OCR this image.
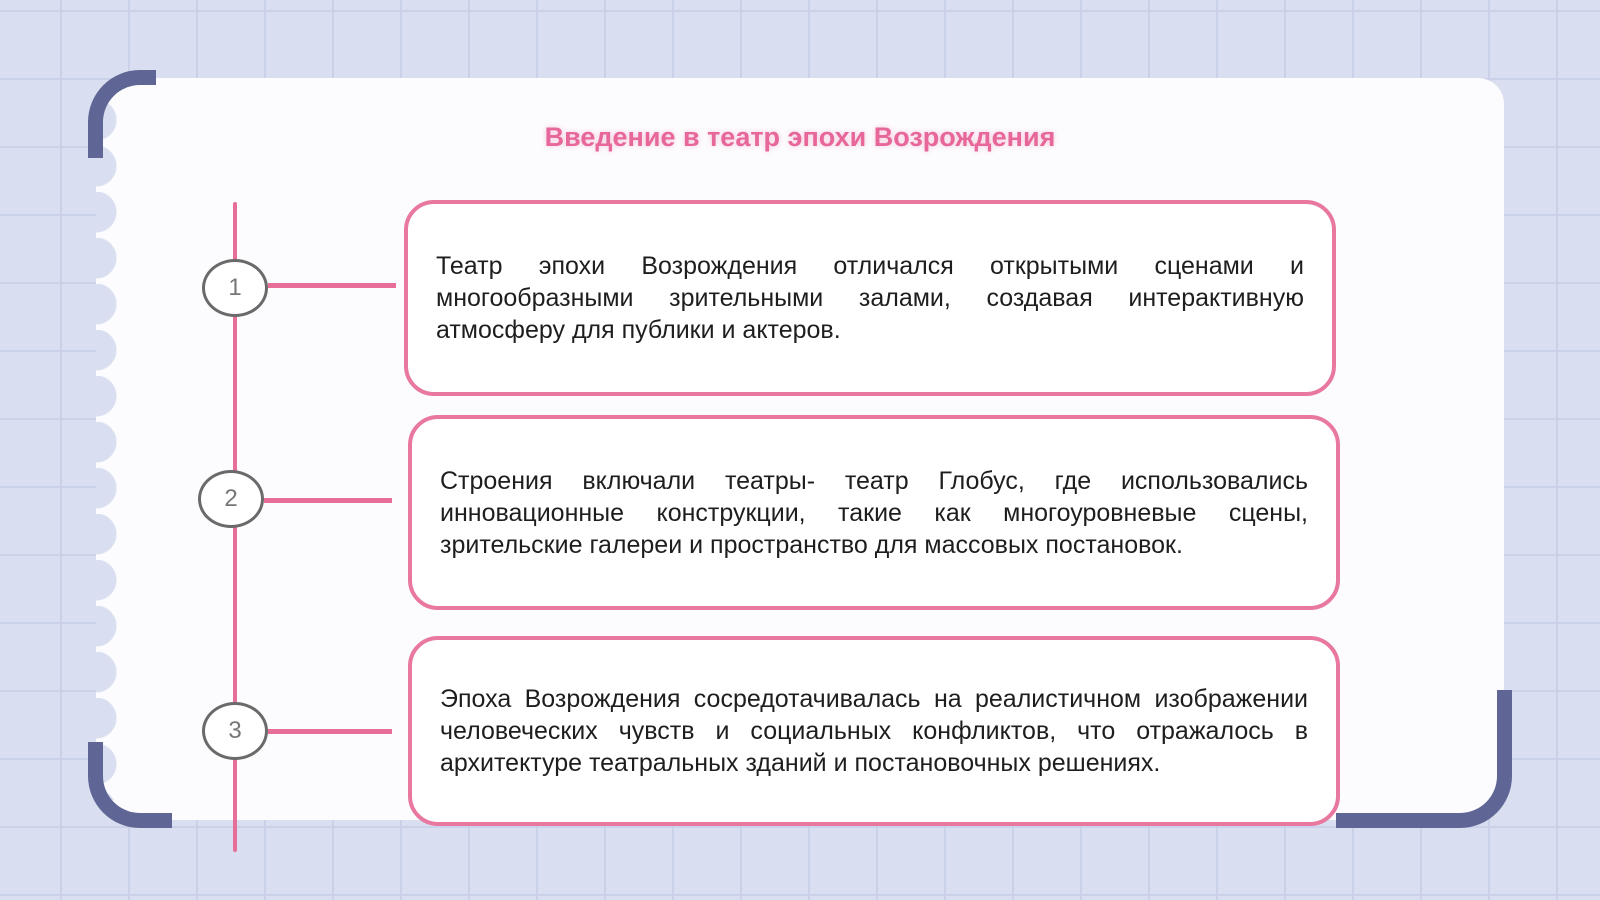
Введение в театр эпохи Возрождения
1
2
3
Театр эпохи Возрождения отличался открытыми сценами и многообразными зрительными залами, создавая интерактивную атмосферу для публики и актеров.
Строения включали театры- театр Глобус, где использовались инновационные конструкции, такие как многоуровневые сцены, зрительские галереи и пространство для массовых постановок.
Эпоха Возрождения сосредотачивалась на реалистичном изображении человеческих чувств и социальных конфликтов, что отражалось в архитектуре театральных зданий и постановочных решениях.
